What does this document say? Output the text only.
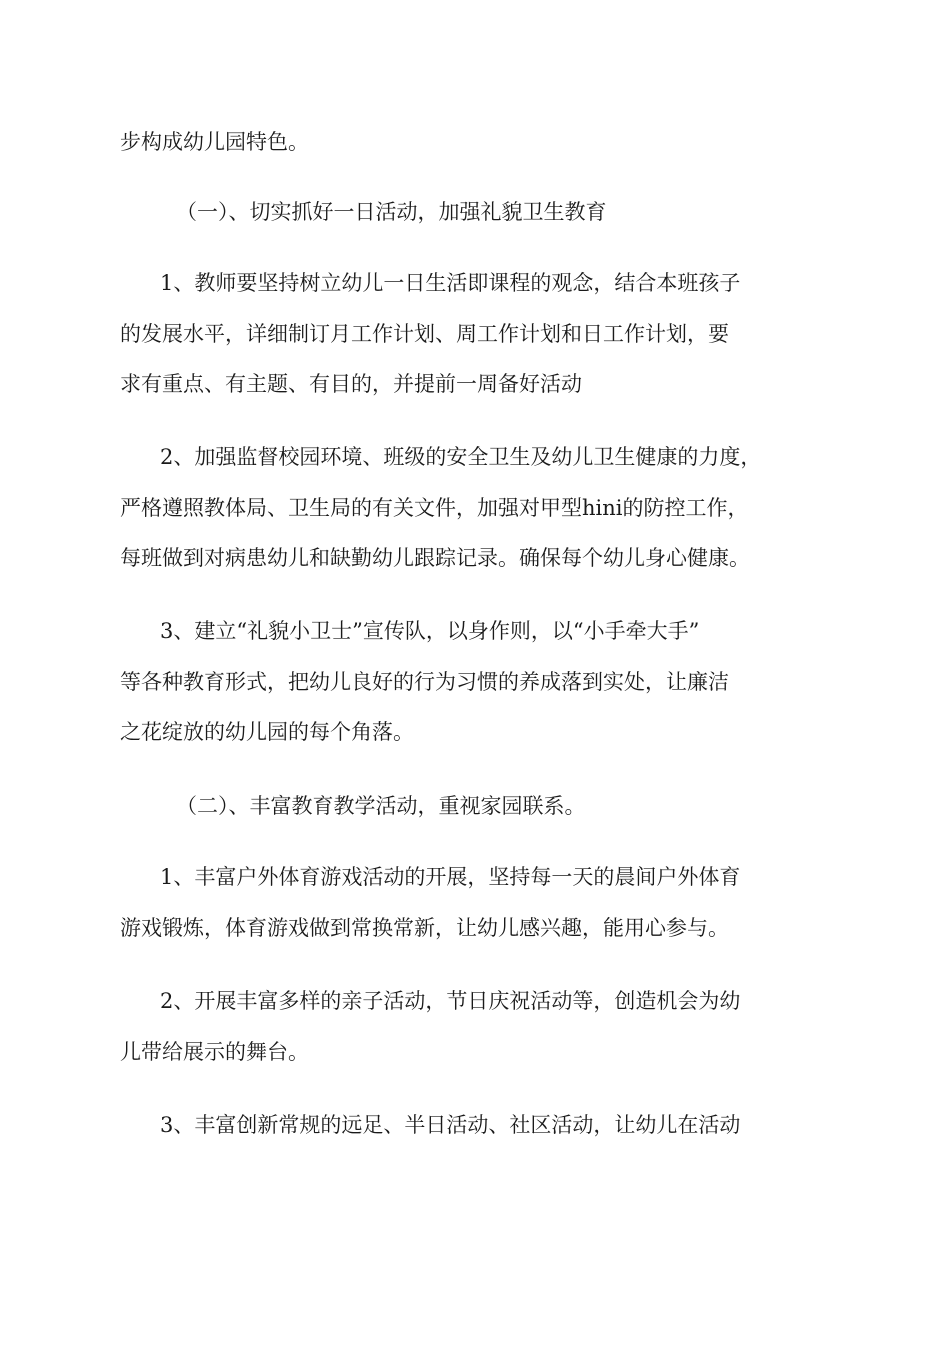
步构成幼儿园特色。
（一）、切实抓好一日活动，加强礼貌卫生教育
1、教师要坚持树立幼儿一日生活即课程的观念，结合本班孩子
的发展水平，详细制订月工作计划、周工作计划和日工作计划，要
求有重点、有主题、有目的，并提前一周备好活动
2、加强监督校园环境、班级的安全卫生及幼儿卫生健康的力度，
严格遵照教体局、卫生局的有关文件，加强对甲型hini的防控工作，
每班做到对病患幼儿和缺勤幼儿跟踪记录。确保每个幼儿身心健康。
3、建立“礼貌小卫士”宣传队，以身作则，以“小手牵大手”
等各种教育形式，把幼儿良好的行为习惯的养成落到实处，让廉洁
之花绽放的幼儿园的每个角落。
（二）、丰富教育教学活动，重视家园联系。
1、丰富户外体育游戏活动的开展，坚持每一天的晨间户外体育
游戏锻炼，体育游戏做到常换常新，让幼儿感兴趣，能用心参与。
2、开展丰富多样的亲子活动，节日庆祝活动等，创造机会为幼
儿带给展示的舞台。
3、丰富创新常规的远足、半日活动、社区活动，让幼儿在活动
